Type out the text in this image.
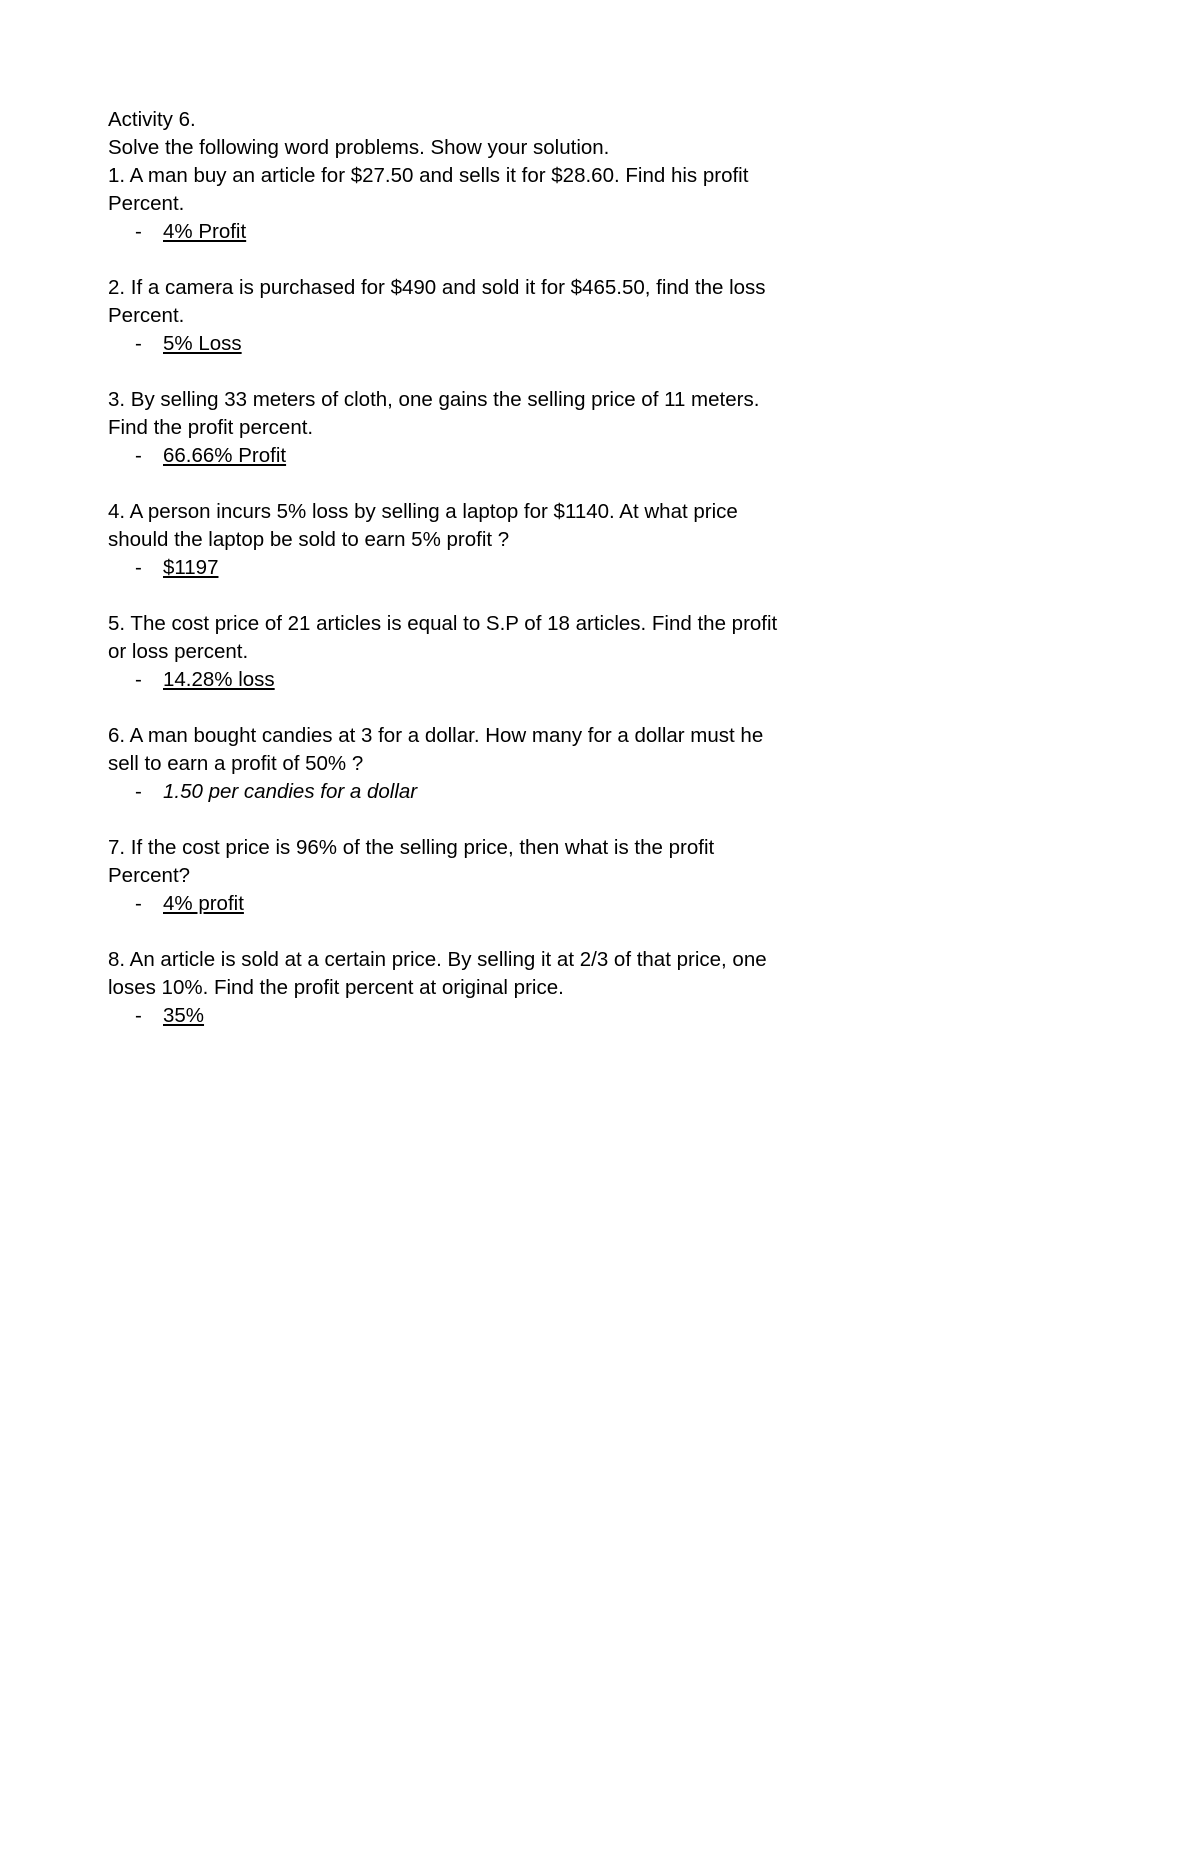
Activity 6.
Solve the following word problems. Show your solution.
1. A man buy an article for $27.50 and sells it for $28.60. Find his profit
Percent.
- 4% Profit
2. If a camera is purchased for $490 and sold it for $465.50, find the loss
Percent.
- 5% Loss
3. By selling 33 meters of cloth, one gains the selling price of 11 meters.
Find the profit percent.
- 66.66% Profit
4. A person incurs 5% loss by selling a laptop for $1140. At what price
should the laptop be sold to earn 5% profit ?
- $1197
5. The cost price of 21 articles is equal to S.P of 18 articles. Find the profit
or loss percent.
- 14.28% loss
6. A man bought candies at 3 for a dollar. How many for a dollar must he
sell to earn a profit of 50% ?
- 1.50 per candies for a dollar
7. If the cost price is 96% of the selling price, then what is the profit
Percent?
- 4% profit
8. An article is sold at a certain price. By selling it at 2/3 of that price, one
loses 10%. Find the profit percent at original price.
- 35%
